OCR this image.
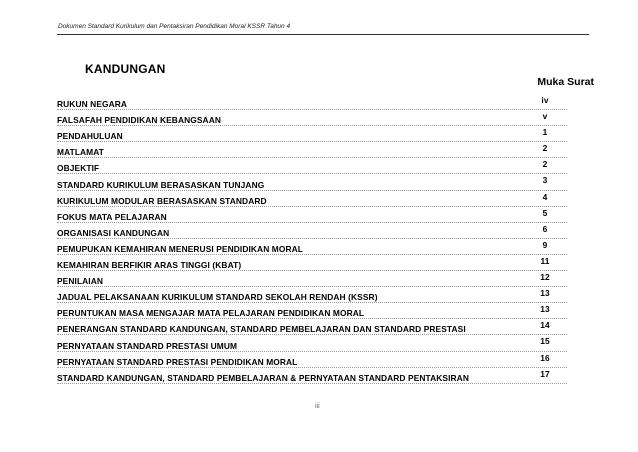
Dokumen Standard Kurikulum dan Pentaksiran Pendidikan Moral KSSR Tahun 4
KANDUNGAN
Muka Surat
RUKUN NEGARA	iv
FALSAFAH PENDIDIKAN KEBANGSAAN	v
PENDAHULUAN	1
MATLAMAT	2
OBJEKTIF	2
STANDARD KURIKULUM BERASASKAN TUNJANG	3
KURIKULUM MODULAR BERASASKAN STANDARD	4
FOKUS MATA PELAJARAN	5
ORGANISASI KANDUNGAN	6
PEMUPUKAN KEMAHIRAN MENERUSI PENDIDIKAN MORAL	9
KEMAHIRAN BERFIKIR ARAS TINGGI (KBAT)	11
PENILAIAN	12
JADUAL PELAKSANAAN KURIKULUM STANDARD SEKOLAH RENDAH (KSSR)	13
PERUNTUKAN MASA MENGAJAR MATA PELAJARAN PENDIDIKAN MORAL	13
PENERANGAN STANDARD KANDUNGAN, STANDARD PEMBELAJARAN DAN STANDARD PRESTASI	14
PERNYATAAN STANDARD PRESTASI UMUM	15
PERNYATAAN STANDARD PRESTASI PENDIDIKAN MORAL	16
STANDARD KANDUNGAN, STANDARD PEMBELAJARAN & PERNYATAAN STANDARD PENTAKSIRAN	17
iii
